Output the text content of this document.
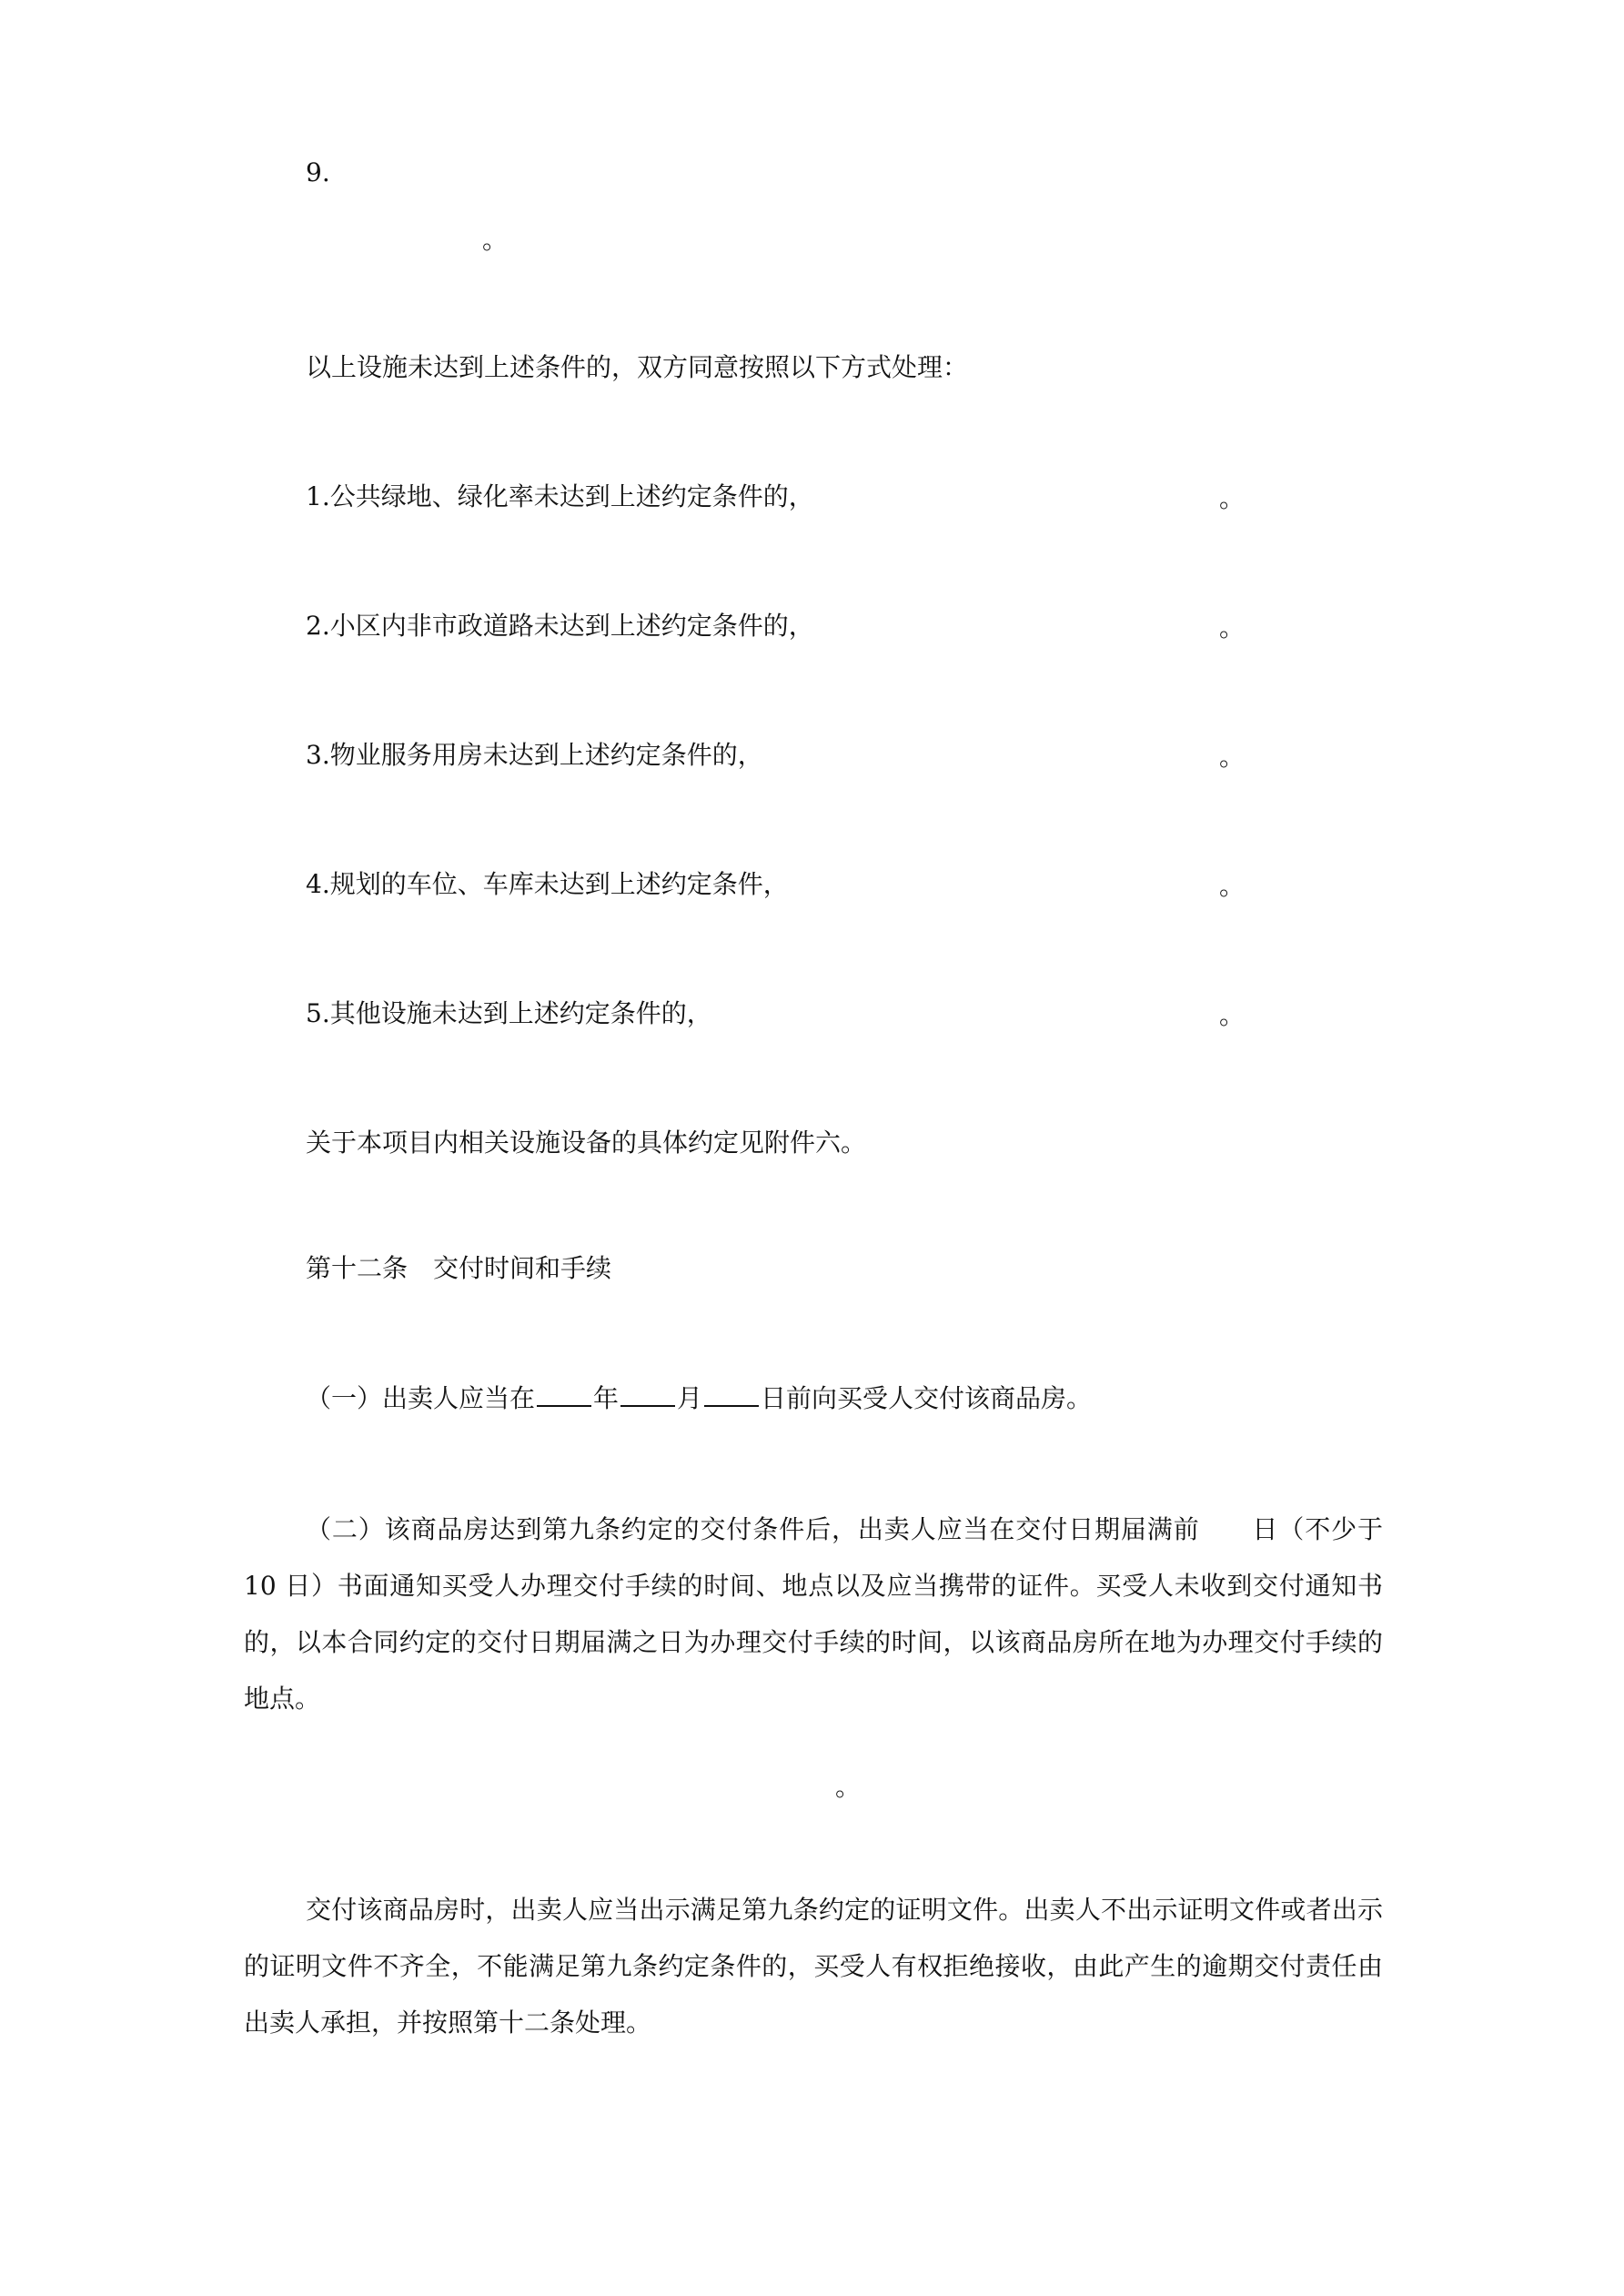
9.
。
以上设施未达到上述条件的，双方同意按照以下方式处理：
1.公共绿地、绿化率未达到上述约定条件的，	。
2.小区内非市政道路未达到上述约定条件的，	。
3.物业服务用房未达到上述约定条件的，	。
4.规划的车位、车库未达到上述约定条件，	。
5.其他设施未达到上述约定条件的，	。
关于本项目内相关设施设备的具体约定见附件六。
第十二条　交付时间和手续
（一）出卖人应当在 年 月 日前向买受人交付该商品房。
（二）该商品房达到第九条约定的交付条件后，出卖人应当在交付日期届满前　　日（不少于 10 日）书面通知买受人办理交付手续的时间、地点以及应当携带的证件。买受人未收到交付通知书的，以本合同约定的交付日期届满之日为办理交付手续的时间，以该商品房所在地为办理交付手续的地点。
。
交付该商品房时，出卖人应当出示满足第九条约定的证明文件。出卖人不出示证明文件或者出示的证明文件不齐全，不能满足第九条约定条件的，买受人有权拒绝接收，由此产生的逾期交付责任由出卖人承担，并按照第十二条处理。
